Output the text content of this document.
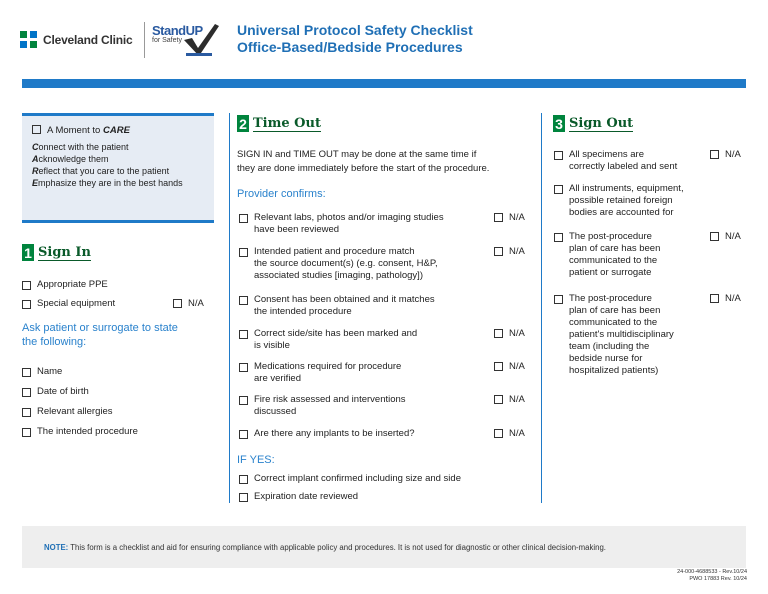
Cleveland Clinic
StandUP
for Safety
Universal Protocol Safety Checklist
Office-Based/Bedside Procedures
A Moment to CARE
Connect with the patient
Acknowledge them
Reflect that you care to the patient
Emphasize they are in the best hands
1 Sign In
Appropriate PPE
Special equipment	N/A
Ask patient or surrogate to state
the following:
Name
Date of birth
Relevant allergies
The intended procedure
2 Time Out
SIGN IN and TIME OUT may be done at the same time if
they are done immediately before the start of the procedure.
Provider confirms:
Relevant labs, photos and/or imaging studies
have been reviewed
N/A
Intended patient and procedure match
the source document(s) (e.g. consent, H&P,
associated studies [imaging, pathology])
N/A
Consent has been obtained and it matches
the intended procedure
Correct side/site has been marked and
is visible
N/A
Medications required for procedure
are verified
N/A
Fire risk assessed and interventions
discussed
N/A
Are there any implants to be inserted?	N/A
IF YES:
Correct implant confirmed including size and side
Expiration date reviewed
3 Sign Out
All specimens are
correctly labeled and sent
N/A
All instruments, equipment,
possible retained foreign
bodies are accounted for
The post-procedure
plan of care has been
communicated to the
patient or surrogate
N/A
The post-procedure
plan of care has been
communicated to the
patient's multidisciplinary
team (including the
bedside nurse for
hospitalized patients)
N/A
NOTE: This form is a checklist and aid for ensuring compliance with applicable policy and procedures. It is not used for diagnostic or other clinical decision-making.
24-000-4688533 - Rev.10/24
PWO 17883 Rev. 10/24
